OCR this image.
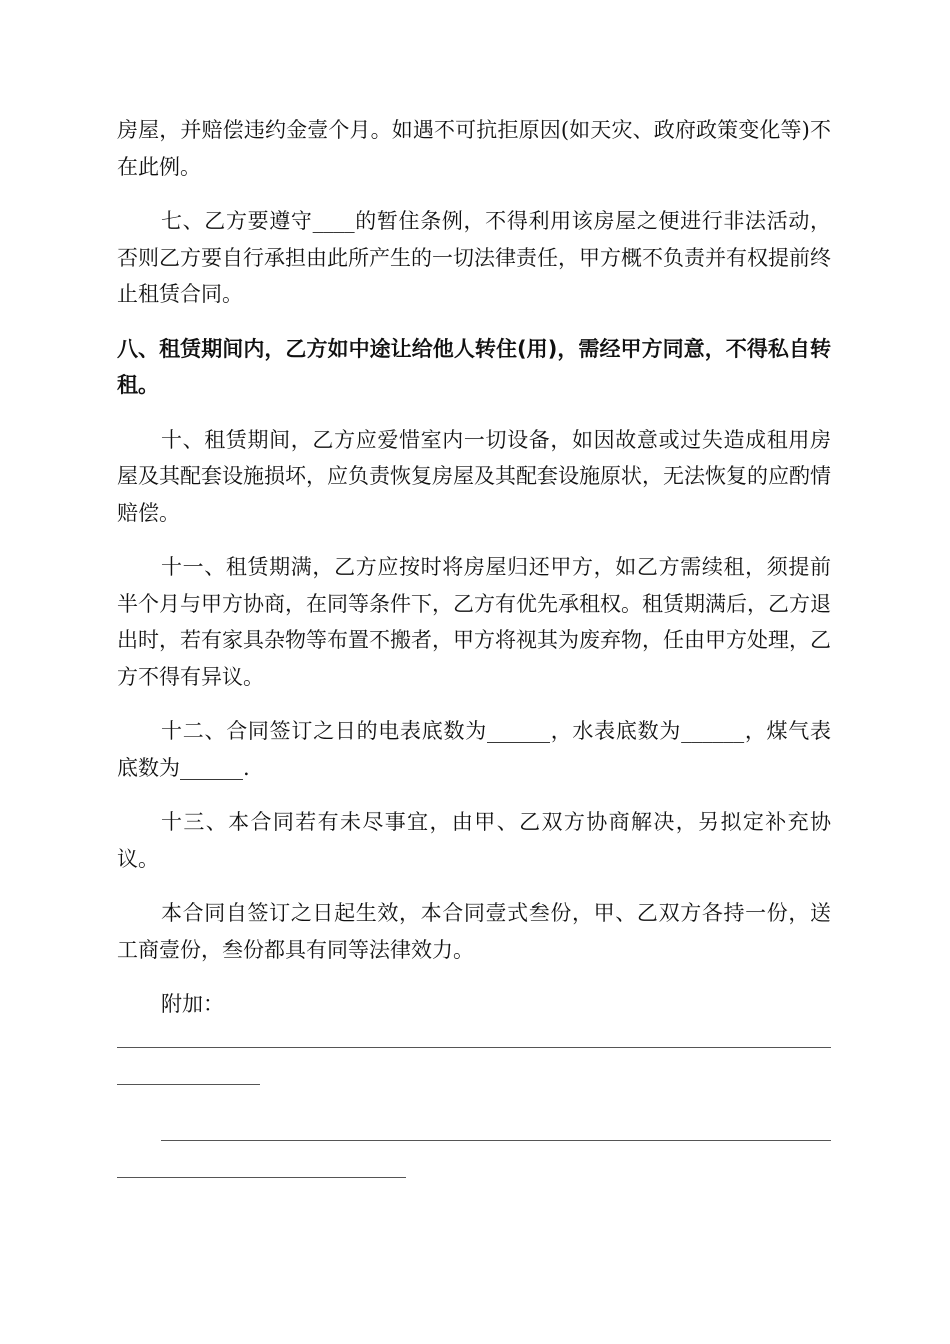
房屋，并赔偿违约金壹个月。如遇不可抗拒原因(如天灾、政府政策变化等)不在此例。

七、乙方要遵守____的暂住条例，不得利用该房屋之便进行非法活动，否则乙方要自行承担由此所产生的一切法律责任，甲方概不负责并有权提前终止租赁合同。

八、租赁期间内，乙方如中途让给他人转住(用)，需经甲方同意，不得私自转租。

十、租赁期间，乙方应爱惜室内一切设备，如因故意或过失造成租用房屋及其配套设施损坏，应负责恢复房屋及其配套设施原状，无法恢复的应酌情赔偿。

十一、租赁期满，乙方应按时将房屋归还甲方，如乙方需续租，须提前半个月与甲方协商，在同等条件下，乙方有优先承租权。租赁期满后，乙方退出时，若有家具杂物等布置不搬者，甲方将视其为废弃物，任由甲方处理，乙方不得有异议。

十二、合同签订之日的电表底数为______，水表底数为______，煤气表底数为______.

十三、本合同若有未尽事宜，由甲、乙双方协商解决，另拟定补充协议。

本合同自签订之日起生效，本合同壹式叁份，甲、乙双方各持一份，送工商壹份，叁份都具有同等法律效力。

附加：
